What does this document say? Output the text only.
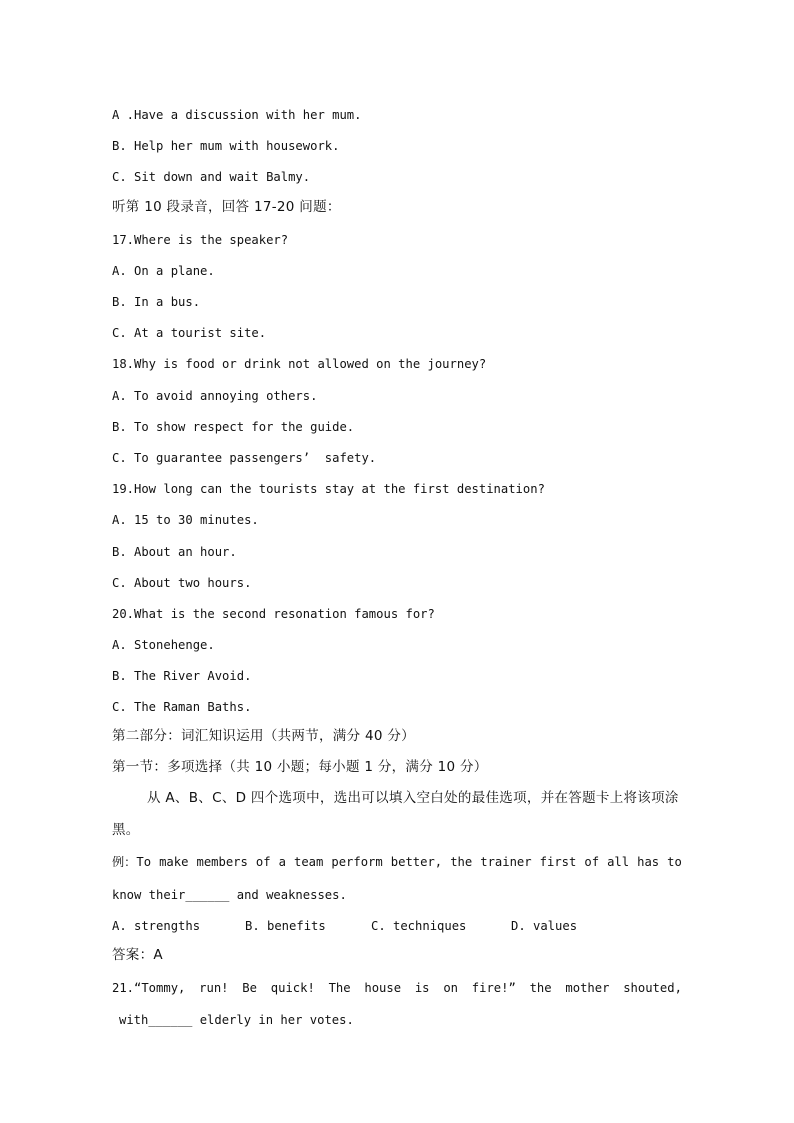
A .Have a discussion with her mum.
B. Help her mum with housework.
C. Sit down and wait Balmy.
听第 10 段录音，回答 17-20 问题：
17.Where is the speaker?
A. On a plane.
B. In a bus.
C. At a tourist site.
18.Why is food or drink not allowed on the journey?
A. To avoid annoying others.
B. To show respect for the guide.
C. To guarantee passengers’  safety.
19.How long can the tourists stay at the first destination?
A. 15 to 30 minutes.
B. About an hour.
C. About two hours.
20.What is the second resonation famous for?
A. Stonehenge.
B. The River Avoid.
C. The Raman Baths.
第二部分：词汇知识运用（共两节，满分 40 分）
第一节：多项选择（共 10 小题；每小题 1 分，满分 10 分）
从 A、B、C、D 四个选项中，选出可以填入空白处的最佳选项，并在答题卡上将该项涂
黑。
例：To make members of a team perform better, the trainer first of all has to
know their______ and weaknesses.
A. strengths	B. benefits	C. techniques	D. values
答案：A
21.“Tommy, run! Be quick! The house is on fire!” the mother shouted,
with______ elderly in her votes.
